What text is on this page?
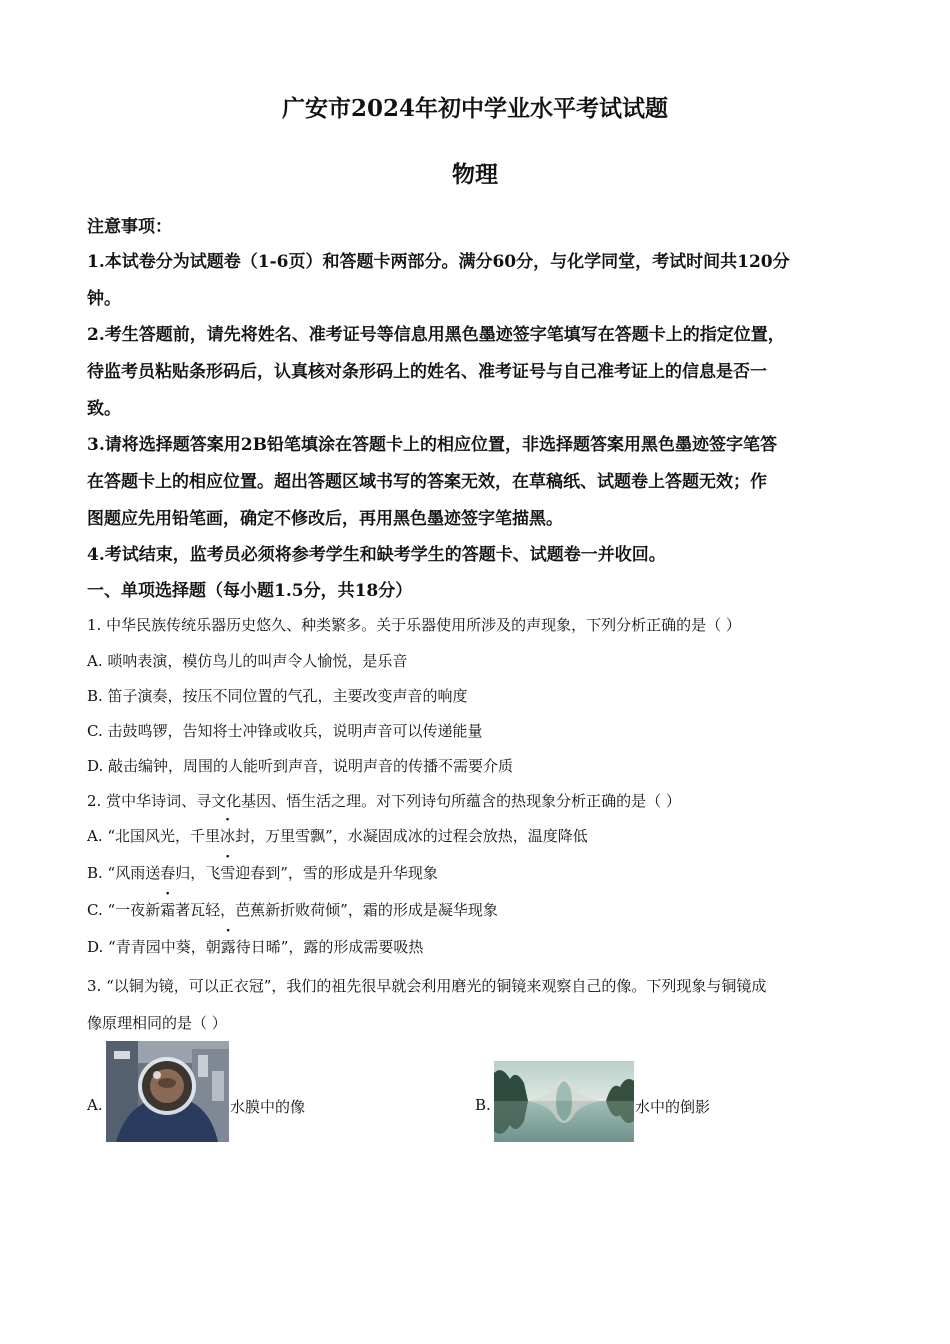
广安市2024年初中学业水平考试试题
物理
注意事项：
1.本试卷分为试题卷（1-6页）和答题卡两部分。满分60分，与化学同堂，考试时间共120分
钟。
2.考生答题前，请先将姓名、准考证号等信息用黑色墨迹签字笔填写在答题卡上的指定位置，
待监考员粘贴条形码后，认真核对条形码上的姓名、准考证号与自己准考证上的信息是否一
致。
3.请将选择题答案用2B铅笔填涂在答题卡上的相应位置，非选择题答案用黑色墨迹签字笔答
在答题卡上的相应位置。超出答题区域书写的答案无效，在草稿纸、试题卷上答题无效；作
图题应先用铅笔画，确定不修改后，再用黑色墨迹签字笔描黑。
4.考试结束，监考员必须将参考学生和缺考学生的答题卡、试题卷一并收回。
一、单项选择题（每小题1.5分，共18分）
1. 中华民族传统乐器历史悠久、种类繁多。关于乐器使用所涉及的声现象，下列分析正确的是（ ）
A. 唢呐表演，模仿鸟儿的叫声令人愉悦，是乐音
B. 笛子演奏，按压不同位置的气孔，主要改变声音的响度
C. 击鼓鸣锣，告知将士冲锋或收兵，说明声音可以传递能量
D. 敲击编钟，周围的人能听到声音，说明声音的传播不需要介质
2. 赏中华诗词、寻文化基因、悟生活之理。对下列诗句所蕴含的热现象分析正确的是（ ）
A. “北国风光，千里冰封，万里雪飘”，水凝固成冰的过程会放热，温度降低
B. “风雨送春归，飞雪迎春到”，雪的形成是升华现象
C. “一夜新霜著瓦轻，芭蕉新折败荷倾”，霜的形成是凝华现象
D. “青青园中葵，朝露待日晞”，露的形成需要吸热
3. “以铜为镜，可以正衣冠”，我们的祖先很早就会利用磨光的铜镜来观察自己的像。下列现象与铜镜成
像原理相同的是（ ）
A.	水膜中的像	B.	水中的倒影
